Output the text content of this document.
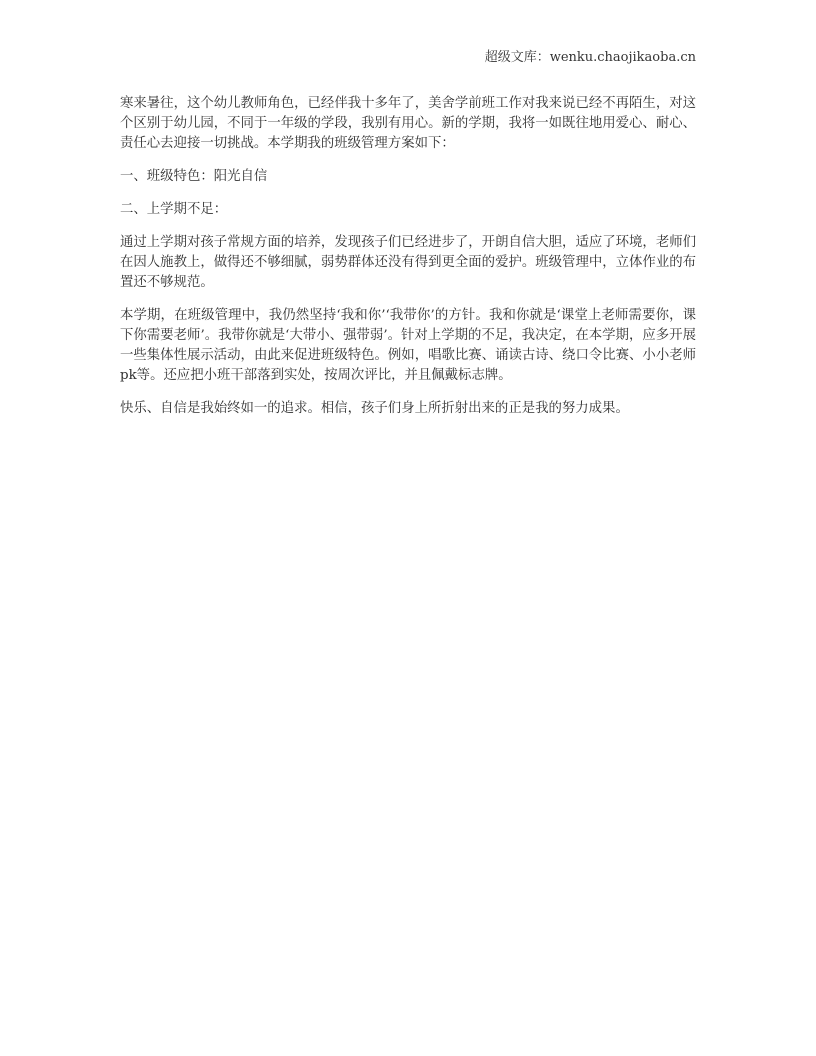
超级文库：wenku.chaojikaoba.cn

寒来暑往，这个幼儿教师角色，已经伴我十多年了，美舍学前班工作对我来说已经不再陌生，对这个区别于幼儿园，不同于一年级的学段，我别有用心。新的学期，我将一如既往地用爱心、耐心、责任心去迎接一切挑战。本学期我的班级管理方案如下：

一、班级特色：阳光自信

二、上学期不足：

通过上学期对孩子常规方面的培养，发现孩子们已经进步了，开朗自信大胆，适应了环境，老师们在因人施教上，做得还不够细腻，弱势群体还没有得到更全面的爱护。班级管理中，立体作业的布置还不够规范。

本学期，在班级管理中，我仍然坚持‘我和你’‘我带你’的方针。我和你就是‘课堂上老师需要你，课下你需要老师’。我带你就是‘大带小、强带弱’。针对上学期的不足，我决定，在本学期，应多开展一些集体性展示活动，由此来促进班级特色。例如，唱歌比赛、诵读古诗、绕口令比赛、小小老师pk等。还应把小班干部落到实处，按周次评比，并且佩戴标志牌。

快乐、自信是我始终如一的追求。相信，孩子们身上所折射出来的正是我的努力成果。
